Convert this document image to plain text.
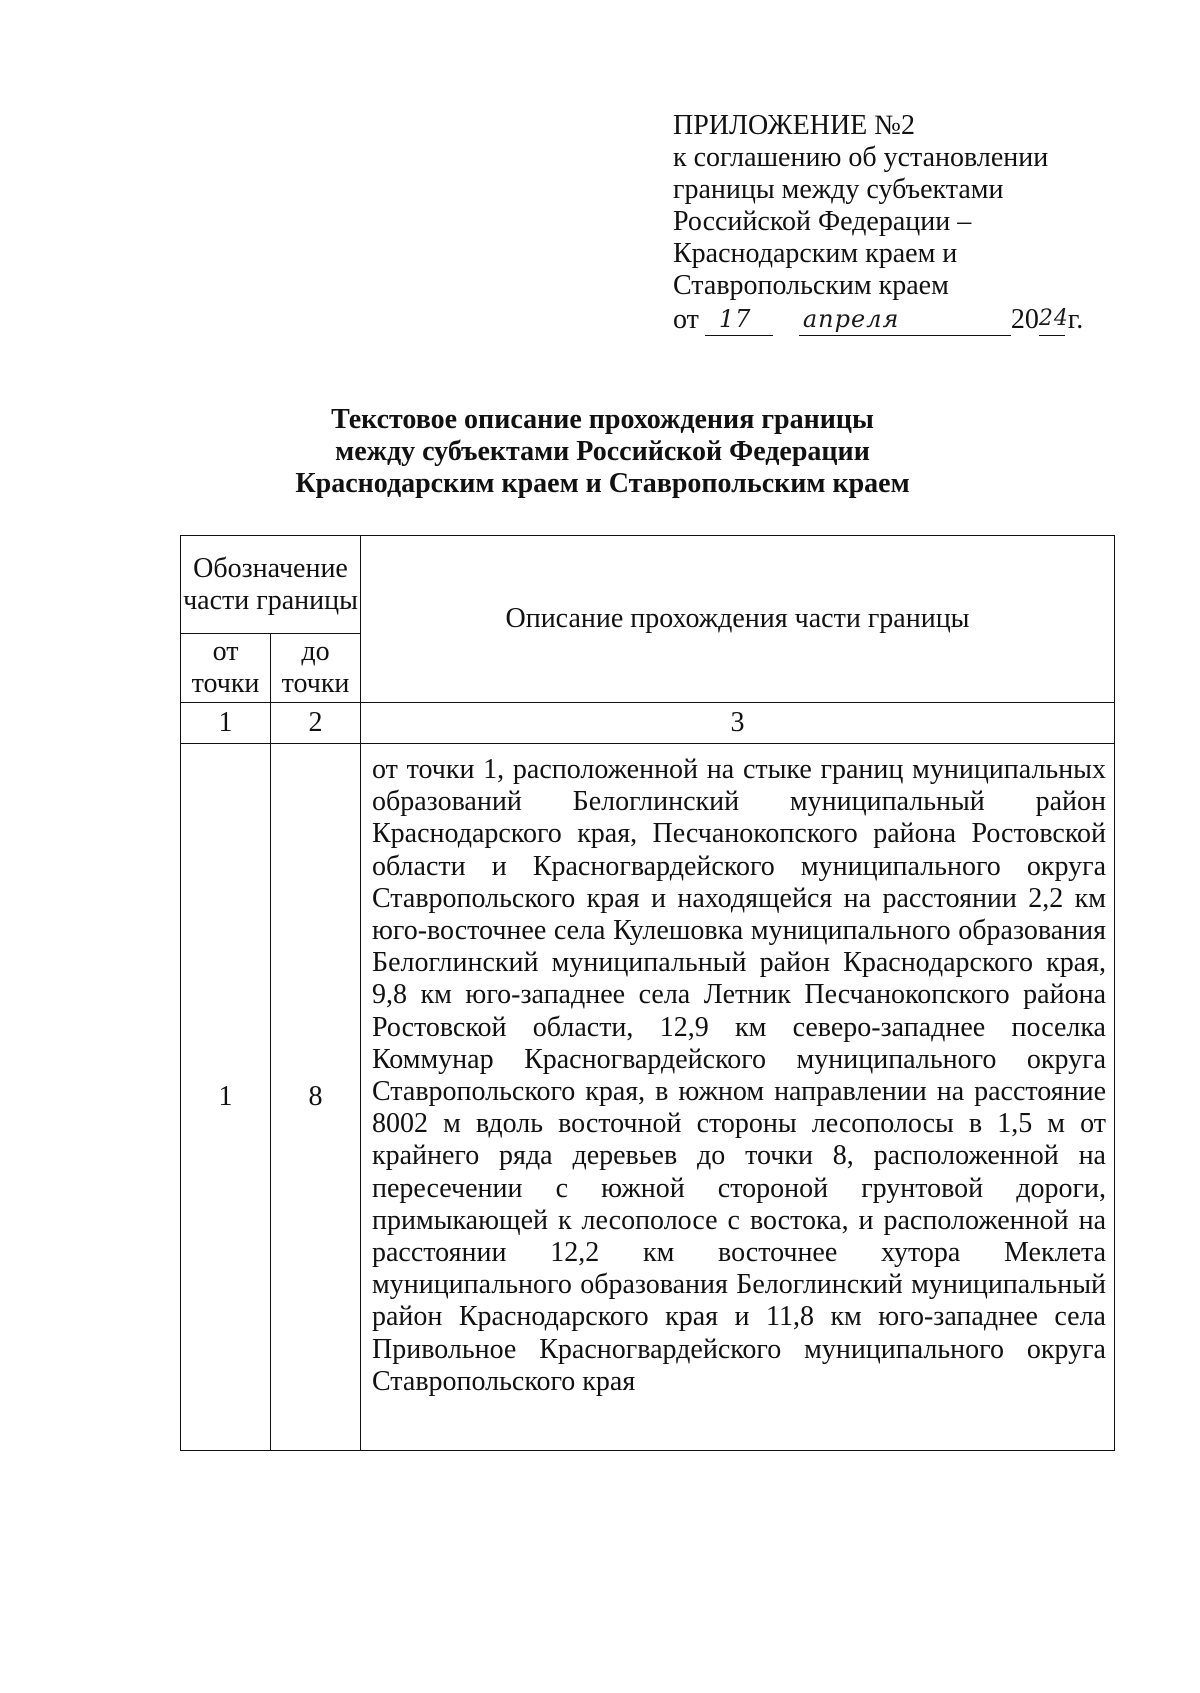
ПРИЛОЖЕНИЕ №2
к соглашению об установлении
границы между субъектами
Российской Федерации –
Краснодарским краем и
Ставропольским краем
от 17 апреля	20 24 г.
Текстовое описание прохождения границы
между субъектами Российской Федерации
Краснодарским краем и Ставропольским краем
Обозначение части границы		Описание прохождения части границы
от точки	до точки	
1	2	3
1	8	от точки 1, расположенной на стыке границ муниципальных образований Белоглинский муниципальный район Краснодарского края, Песчанокопского района Ростовской области и Красногвардейского муниципального округа Ставропольского края и находящейся на расстоянии 2,2 км юго-восточнее села Кулешовка муниципального образования Белоглинский муниципальный район Краснодарского края, 9,8 км юго-западнее села Летник Песчанокопского района Ростовской области, 12,9 км северо-западнее поселка Коммунар Красногвардейского муниципального округа Ставропольского края, в южном направлении на расстояние 8002 м вдоль восточной стороны лесополосы в 1,5 м от крайнего ряда деревьев до точки 8, расположенной на пересечении с южной стороной грунтовой дороги, примыкающей к лесополосе с востока, и расположенной на расстоянии 12,2 км восточнее хутора Меклета муниципального образования Белоглинский муниципальный район Краснодарского края и 11,8 км юго-западнее села Привольное Красногвардейского муниципального округа Ставропольского края
